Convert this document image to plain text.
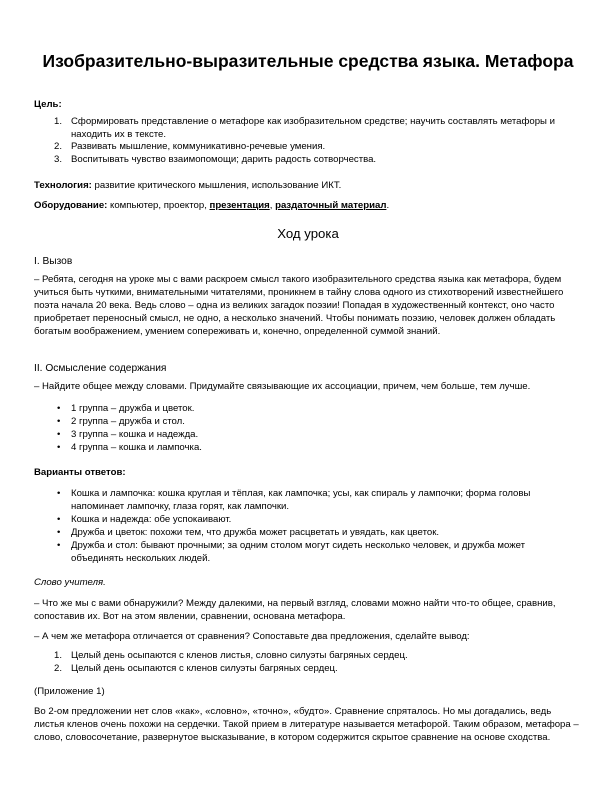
Изобразительно-выразительные средства языка. Метафора
Цель:
1. Сформировать представление о метафоре как изобразительном средстве; научить составлять метафоры и находить их в тексте.
2. Развивать мышление, коммуникативно-речевые умения.
3. Воспитывать чувство взаимопомощи; дарить радость сотворчества.
Технология: развитие критического мышления, использование ИКТ.
Оборудование: компьютер, проектор, презентация, раздаточный материал.
Ход урока
I. Вызов
– Ребята, сегодня на уроке мы с вами раскроем смысл такого изобразительного средства языка как метафора, будем учиться быть чуткими, внимательными читателями, проникнем в тайну слова одного из стихотворений известнейшего поэта начала 20 века. Ведь слово – одна из великих загадок поэзии! Попадая в художественный контекст, оно часто приобретает переносный смысл, не одно, а несколько значений. Чтобы понимать поэзию, человек должен обладать богатым воображением, умением сопереживать и, конечно, определенной суммой знаний.
II. Осмысление содержания
– Найдите общее между словами. Придумайте связывающие их ассоциации, причем, чем больше, тем лучше.
• 1 группа – дружба и цветок.
• 2 группа – дружба и стол.
• 3 группа – кошка и надежда.
• 4 группа – кошка и лампочка.
Варианты ответов:
• Кошка и лампочка: кошка круглая и тёплая, как лампочка; усы, как спираль у лампочки; форма головы напоминает лампочку, глаза горят, как лампочки.
• Кошка и надежда: обе успокаивают.
• Дружба и цветок: похожи тем, что дружба может расцветать и увядать, как цветок.
• Дружба и стол: бывают прочными; за одним столом могут сидеть несколько человек, и дружба может объединять нескольких людей.
Слово учителя.
– Что же мы с вами обнаружили? Между далекими, на первый взгляд, словами можно найти что-то общее, сравнив, сопоставив их. Вот на этом явлении, сравнении, основана метафора.
– А чем же метафора отличается от сравнения? Сопоставьте два предложения, сделайте вывод:
1. Целый день осыпаются с кленов листья, словно силуэты багряных сердец.
2. Целый день осыпаются с кленов силуэты багряных сердец.
(Приложение 1)
Во 2-ом предложении нет слов «как», «словно», «точно», «будто». Сравнение спряталось. Но мы догадались, ведь листья кленов очень похожи на сердечки. Такой прием в литературе называется метафорой. Таким образом, метафора – слово, словосочетание, развернутое высказывание, в котором содержится скрытое сравнение на основе сходства.
